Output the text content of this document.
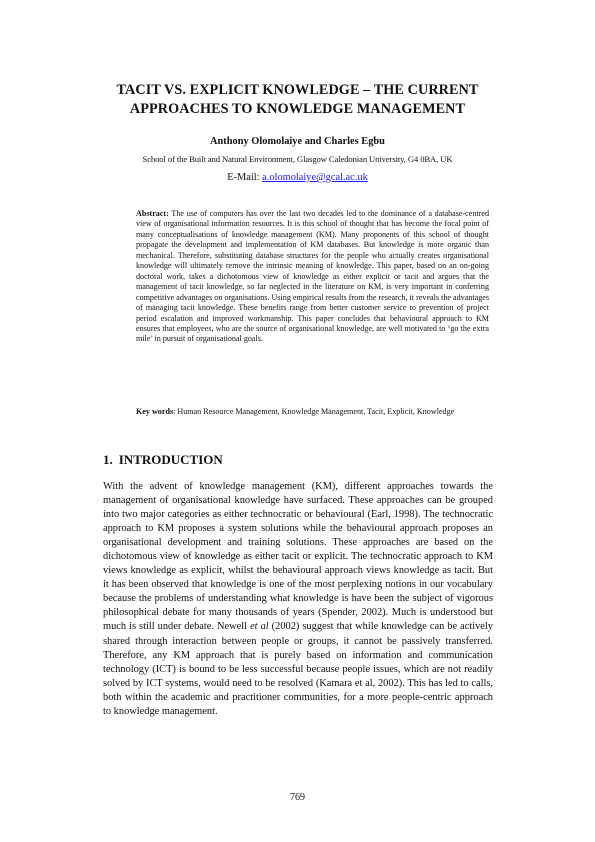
TACIT VS. EXPLICIT KNOWLEDGE – THE CURRENT
APPROACHES TO KNOWLEDGE MANAGEMENT
Anthony Olomolaiye and Charles Egbu
School of the Built and Natural Environment, Glasgow Caledonian University, G4 0BA, UK
E-Mail: a.olomolaiye@gcal.ac.uk
Abstract: The use of computers has over the last two decades led to the dominance of a database-centred view of organisational information resources. It is this school of thought that has become the focal point of many conceptualisations of knowledge management (KM). Many proponents of this school of thought propagate the development and implementation of KM databases. But knowledge is more organic than mechanical. Therefore, substituting database structures for the people who actually creates organisational knowledge will ultimately remove the intrinsic meaning of knowledge. This paper, based on an on-going doctoral work, takes a dichotomous view of knowledge as either explicit or tacit and argues that the management of tacit knowledge, so far neglected in the literature on KM, is very important in conferring competitive advantages on organisations. Using empirical results from the research, it reveals the advantages of managing tacit knowledge. These benefits range from better customer service to prevention of project period escalation and improved workmanship. This paper concludes that behavioural approach to KM ensures that employees, who are the source of organisational knowledge, are well motivated to ‘go the extra mile’ in pursuit of organisational goals.
Key words: Human Resource Management, Knowledge Management, Tacit, Explicit, Knowledge
1. INTRODUCTION
With the advent of knowledge management (KM), different approaches towards the management of organisational knowledge have surfaced. These approaches can be grouped into two major categories as either technocratic or behavioural (Earl, 1998). The technocratic approach to KM proposes a system solutions while the behavioural approach proposes an organisational development and training solutions. These approaches are based on the dichotomous view of knowledge as either tacit or explicit. The technocratic approach to KM views knowledge as explicit, whilst the behavioural approach views knowledge as tacit. But it has been observed that knowledge is one of the most perplexing notions in our vocabulary because the problems of understanding what knowledge is have been the subject of vigorous philosophical debate for many thousands of years (Spender, 2002). Much is understood but much is still under debate. Newell et al (2002) suggest that while knowledge can be actively shared through interaction between people or groups, it cannot be passively transferred. Therefore, any KM approach that is purely based on information and communication technology (ICT) is bound to be less successful because people issues, which are not readily solved by ICT systems, would need to be resolved (Kamara et al, 2002). This has led to calls, both within the academic and practitioner communities, for a more people-centric approach to knowledge management.
769
